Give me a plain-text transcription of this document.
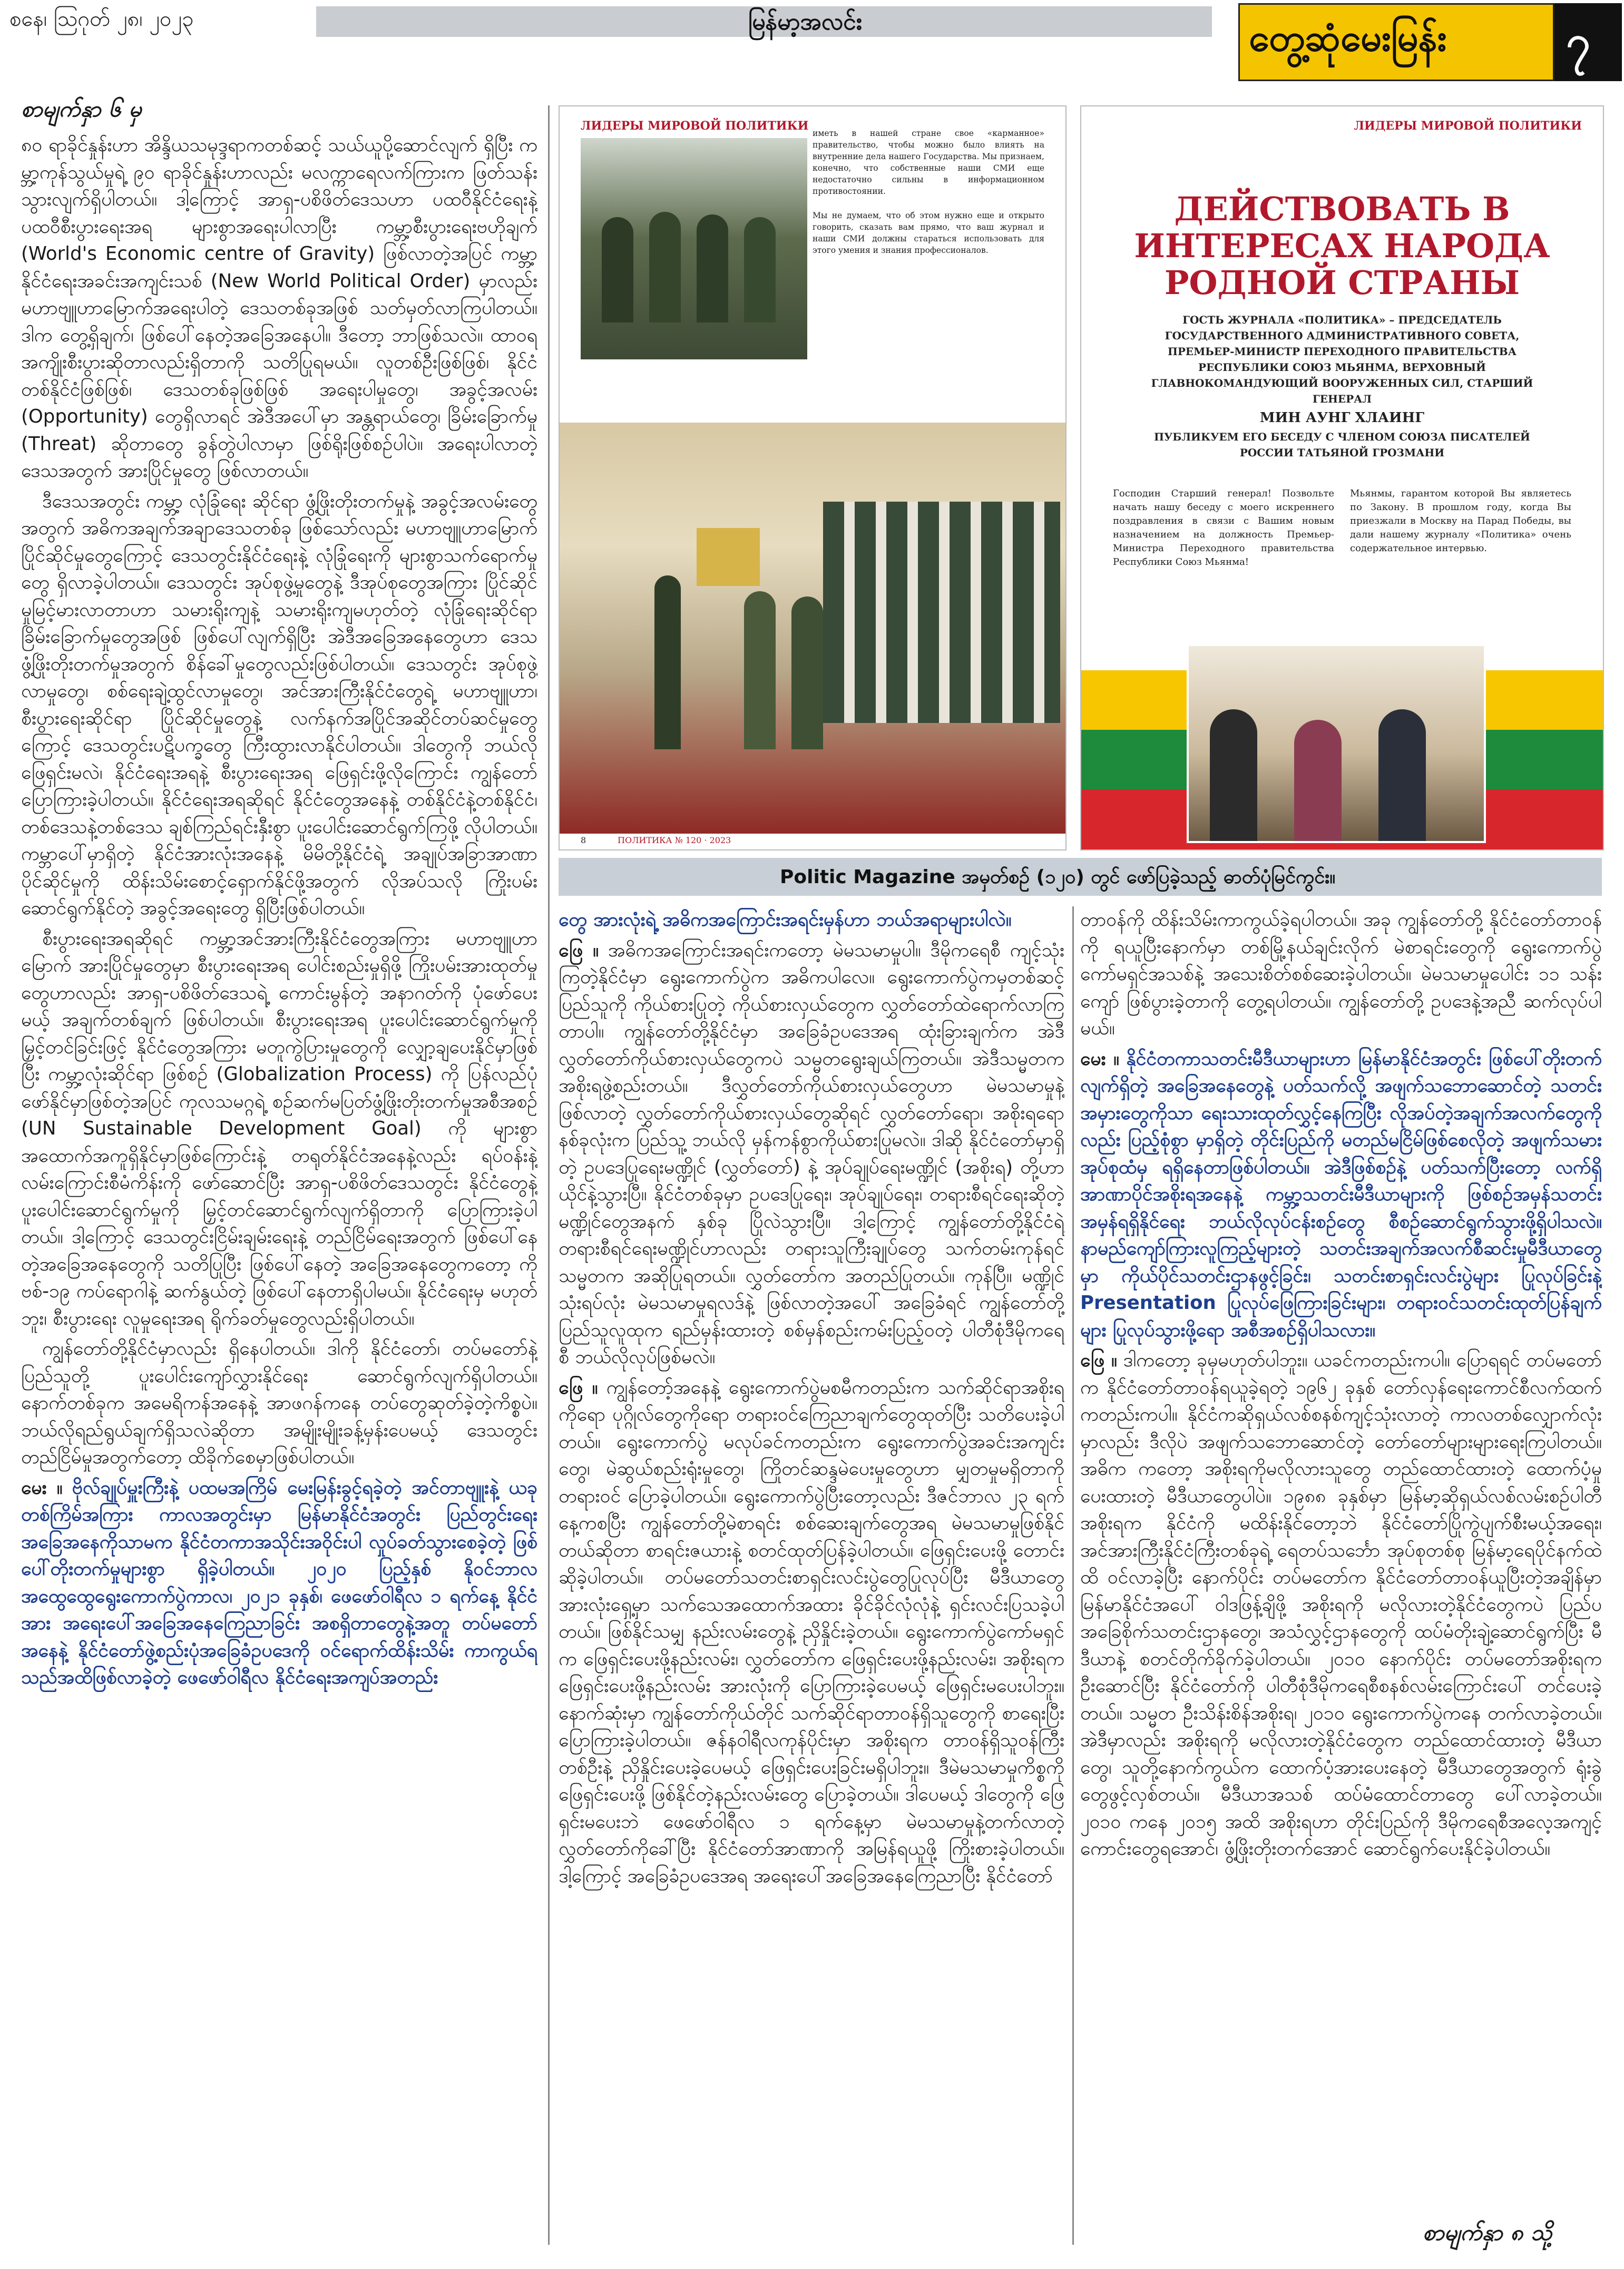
စနေ၊ ဩဂုတ် ၂၈၊ ၂၀၂၃	မြန်မာ့အလင်း	တွေ့ဆုံမေးမြန်း	၇
စာမျက်နှာ ၆ မှ

၈၀ ရာခိုင်နှုန်းဟာ အိန္ဒိယသမုဒ္ဒရာကတစ်ဆင့် သယ်ယူပို့ဆောင်လျက် ရှိပြီး ကမ္ဘာ့ကုန်သွယ်မှုရဲ့ ၉၀ ရာခိုင်နှုန်းဟာလည်း မလက္ကာရေလက်ကြားက ဖြတ်သန်းသွားလျက်ရှိပါတယ်။ ဒါ့ကြောင့် အာရှ-ပစိဖိတ်ဒေသဟာ ပထဝီနိုင်ငံရေးနဲ့ ပထဝီစီးပွားရေးအရ များစွာအရေးပါလာပြီး ကမ္ဘာ့စီးပွားရေးဗဟိုချက် (World's Economic centre of Gravity) ဖြစ်လာတဲ့အပြင် ကမ္ဘာ့နိုင်ငံရေးအခင်းအကျင်းသစ် (New World Political Order) မှာလည်း မဟာဗျူဟာမြောက်အရေးပါတဲ့ ဒေသတစ်ခုအဖြစ် သတ်မှတ်လာကြပါတယ်။ ဒါက တွေ့ရှိချက်၊ ဖြစ်ပေါ်နေတဲ့အခြေအနေပါ။ ဒီတော့ ဘာဖြစ်သလဲ။ ထာဝရအကျိုးစီးပွားဆိုတာလည်းရှိတာကို သတိပြုရမယ်။ လူတစ်ဦးဖြစ်ဖြစ်၊ နိုင်ငံတစ်နိုင်ငံဖြစ်ဖြစ်၊ ဒေသတစ်ခုဖြစ်ဖြစ် အရေးပါမှုတွေ၊ အခွင့်အလမ်း (Opportunity) တွေရှိလာရင် အဲဒီအပေါ်မှာ အန္တရာယ်တွေ၊ ခြိမ်းခြောက်မှု (Threat) ဆိုတာတွေ ခွန်တွဲပါလာမှာ ဖြစ်ရိုးဖြစ်စဉ်ပါပဲ။ အရေးပါလာတဲ့ဒေသအတွက် အားပြိုင်မှုတွေ ဖြစ်လာတယ်။

ဒီဒေသအတွင်း ကမ္ဘာ့ လုံခြုံရေး ဆိုင်ရာ ဖွံ့ဖြိုးတိုးတက်မှုနဲ့ အခွင့်အလမ်းတွေအတွက် အဓိကအချက်အချာဒေသတစ်ခု ဖြစ်သော်လည်း မဟာဗျူဟာမြောက် ပြိုင်ဆိုင်မှုတွေကြောင့် ဒေသတွင်းနိုင်ငံရေးနဲ့ လုံခြုံရေးကို များစွာသက်ရောက်မှုတွေ ရှိလာခဲ့ပါတယ်။ ဒေသတွင်း အုပ်စုဖွဲ့မှုတွေနဲ့ ဒီအုပ်စုတွေအကြား ပြိုင်ဆိုင်မှုမြင့်မားလာတာဟာ သမားရိုးကျနဲ့ သမားရိုးကျမဟုတ်တဲ့ လုံခြုံရေးဆိုင်ရာ ခြိမ်းခြောက်မှုတွေအဖြစ် ဖြစ်ပေါ်လျက်ရှိပြီး အဲဒီအခြေအနေတွေဟာ ဒေသဖွံ့ဖြိုးတိုးတက်မှုအတွက် စိန်ခေါ်မှုတွေလည်းဖြစ်ပါတယ်။ ဒေသတွင်း အုပ်စုဖွဲ့လာမှုတွေ၊ စစ်ရေးချဲ့ထွင်လာမှုတွေ၊ အင်အားကြီးနိုင်ငံတွေရဲ့ မဟာဗျူဟာ၊ စီးပွားရေးဆိုင်ရာ ပြိုင်ဆိုင်မှုတွေနဲ့ လက်နက်အပြိုင်အဆိုင်တပ်ဆင်မှုတွေကြောင့် ဒေသတွင်းပဋိပက္ခတွေ ကြီးထွားလာနိုင်ပါတယ်။ ဒါတွေကို ဘယ်လိုဖြေရှင်းမလဲ၊ နိုင်ငံရေးအရနဲ့ စီးပွားရေးအရ ဖြေရှင်းဖို့လိုကြောင်း ကျွန်တော်ပြောကြားခဲ့ပါတယ်။ နိုင်ငံရေးအရဆိုရင် နိုင်ငံတွေအနေနဲ့ တစ်နိုင်ငံနဲ့တစ်နိုင်ငံ၊ တစ်ဒေသနဲ့တစ်ဒေသ ချစ်ကြည်ရင်းနှီးစွာ ပူးပေါင်းဆောင်ရွက်ကြဖို့ လိုပါတယ်။ ကမ္ဘာပေါ်မှာရှိတဲ့ နိုင်ငံအားလုံးအနေနဲ့ မိမိတို့နိုင်ငံရဲ့ အချုပ်အခြာအာဏာပိုင်ဆိုင်မှုကို ထိန်းသိမ်းစောင့်ရှောက်နိုင်ဖို့အတွက် လိုအပ်သလို ကြိုးပမ်းဆောင်ရွက်နိုင်တဲ့ အခွင့်အရေးတွေ ရှိပြီးဖြစ်ပါတယ်။

စီးပွားရေးအရဆိုရင် ကမ္ဘာ့အင်အားကြီးနိုင်ငံတွေအကြား မဟာဗျူဟာမြောက် အားပြိုင်မှုတွေမှာ စီးပွားရေးအရ ပေါင်းစည်းမှုရှိဖို့ ကြိုးပမ်းအားထုတ်မှုတွေဟာလည်း အာရှ-ပစိဖိတ်ဒေသရဲ့ ကောင်းမွန်တဲ့ အနာဂတ်ကို ပုံဖော်ပေးမယ့် အချက်တစ်ချက် ဖြစ်ပါတယ်။ စီးပွားရေးအရ ပူးပေါင်းဆောင်ရွက်မှုကို မြှင့်တင်ခြင်းဖြင့် နိုင်ငံတွေအကြား မတူကွဲပြားမှုတွေကို လျှော့ချပေးနိုင်မှာဖြစ်ပြီး ကမ္ဘာ့လုံးဆိုင်ရာ ဖြစ်စဉ် (Globalization Process) ကို ပြန်လည်ပုံဖော်နိုင်မှာဖြစ်တဲ့အပြင် ကုလသမဂ္ဂရဲ့ စဉ်ဆက်မပြတ်ဖွံ့ဖြိုးတိုးတက်မှုအစီအစဉ် (UN Sustainable Development Goal) ကို များစွာ အထောက်အကူရှိနိုင်မှာဖြစ်ကြောင်းနဲ့ တရုတ်နိုင်ငံအနေနဲ့လည်း ရပ်ဝန်းနဲ့ လမ်းကြောင်းစီမံကိန်းကို ဖော်ဆောင်ပြီး အာရှ-ပစိဖိတ်ဒေသတွင်း နိုင်ငံတွေနဲ့ ပူးပေါင်းဆောင်ရွက်မှုကို မြှင့်တင်ဆောင်ရွက်လျက်ရှိတာကို ပြောကြားခဲ့ပါတယ်။ ဒါ့ကြောင့် ဒေသတွင်းငြိမ်းချမ်းရေးနဲ့ တည်ငြိမ်ရေးအတွက် ဖြစ်ပေါ်နေတဲ့အခြေအနေတွေကို သတိပြုပြီး ဖြစ်ပေါ်နေတဲ့ အခြေအနေတွေကတော့ ကိုဗစ်-၁၉ ကပ်ရောဂါနဲ့ ဆက်နွယ်တဲ့ ဖြစ်ပေါ်နေတာရှိပါမယ်။ နိုင်ငံရေးမှ မဟုတ်ဘူး၊ စီးပွားရေး လူမှုရေးအရ ရိုက်ခတ်မှုတွေလည်းရှိပါတယ်။

ကျွန်တော်တို့နိုင်ငံမှာလည်း ရှိနေပါတယ်။ ဒါကို နိုင်ငံတော်၊ တပ်မတော်နဲ့ ပြည်သူတို့ ပူးပေါင်းကျော်လွှားနိုင်ရေး ဆောင်ရွက်လျက်ရှိပါတယ်။ နောက်တစ်ခုက အမေရိကန်အနေနဲ့ အာဖဂန်ကနေ တပ်တွေဆုတ်ခဲ့တဲ့ကိစ္စပဲ။ ဘယ်လိုရည်ရွယ်ချက်ရှိသလဲဆိုတာ အမျိုးမျိုးခန့်မှန်းပေမယ့် ဒေသတွင်းတည်ငြိမ်မှုအတွက်တော့ ထိခိုက်စေမှာဖြစ်ပါတယ်။

မေး ။ ဗိုလ်ချုပ်မှူးကြီးနဲ့ ပထမအကြိမ် မေးမြန်းခွင့်ရခဲ့တဲ့ အင်တာဗျူးနဲ့ ယခုတစ်ကြိမ်အကြား ကာလအတွင်းမှာ မြန်မာနိုင်ငံအတွင်း ပြည်တွင်းရေးအခြေအနေကိုသာမက နိုင်ငံတကာအသိုင်းအဝိုင်းပါ လှုပ်ခတ်သွားစေခဲ့တဲ့ ဖြစ်ပေါ်တိုးတက်မှုများစွာ ရှိခဲ့ပါတယ်။ ၂၀၂၀ ပြည့်နှစ် နိုဝင်ဘာလ အထွေထွေရွေးကောက်ပွဲကာလ၊ ၂၀၂၁ ခုနှစ်၊ ဖေဖော်ဝါရီလ ၁ ရက်နေ့ နိုင်ငံအား အရေးပေါ်အခြေအနေကြေညာခြင်း အစရှိတာတွေနဲ့အတူ တပ်မတော်အနေနဲ့ နိုင်ငံတော်ဖွဲ့စည်းပုံအခြေခံဥပဒေကို ဝင်ရောက်ထိန်းသိမ်း ကာကွယ်ရသည်အထိဖြစ်လာခဲ့တဲ့ ဖေဖော်ဝါရီလ နိုင်ငံရေးအကျပ်အတည်း

ЛИДЕРЫ МИРОВОЙ ПОЛИТИКИ
иметь в нашей стране свое «карманное» правительство, чтобы можно было влиять на внутренние дела нашего Государства. Мы признаем, конечно, что собственные наши СМИ еще недостаточно сильны в информационном противостоянии.
Мы не думаем, что об этом нужно еще и открыто говорить, сказать вам прямо, что ваш журнал и наши СМИ должны стараться использовать для этого умения и знания профессионалов.
8	ПОЛИТИКА № 120 · 2023
ЛИДЕРЫ МИРОВОЙ ПОЛИТИКИ
ДЕЙСТВОВАТЬ В ИНТЕРЕСАХ НАРОДА
РОДНОЙ СТРАНЫ
ГОСТЬ ЖУРНАЛА «ПОЛИТИКА» – ПРЕДСЕДАТЕЛЬ ГОСУДАРСТВЕННОГО АДМИНИСТРАТИВНОГО СОВЕТА, ПРЕМЬЕР-МИНИСТР ПЕРЕХОДНОГО ПРАВИТЕЛЬСТВА РЕСПУБЛИКИ СОЮЗ МЬЯНМА, ВЕРХОВНЫЙ ГЛАВНОКОМАНДУЮЩИЙ ВООРУЖЕННЫХ СИЛ, СТАРШИЙ ГЕНЕРАЛ
МИН АУНГ ХЛАИНГ
ПУБЛИКУЕМ ЕГО БЕСЕДУ С ЧЛЕНОМ СОЮЗА ПИСАТЕЛЕЙ РОССИИ ТАТЬЯНОЙ ГРОЗМАНИ
Господин Старший генерал! Позвольте начать нашу беседу с моего искреннего поздравления в связи с Вашим новым назначением на должность Премьер-Министра Переходного правительства Республики Союз Мьянма!
Мьянмы, гарантом которой Вы являетесь по Закону. В прошлом году, когда Вы приезжали в Москву на Парад Победы, вы дали нашему журналу «Политика» очень содержательное интервью.
Politic Magazine အမှတ်စဉ် (၁၂၀) တွင် ဖော်ပြခဲ့သည့် ဓာတ်ပုံမြင်ကွင်း။

တွေ အားလုံးရဲ့ အဓိကအကြောင်းအရင်းမှန်ဟာ ဘယ်အရာများပါလဲ။

ဖြေ ။ အဓိကအကြောင်းအရင်းကတော့ မဲမသမာမှုပါ။ ဒီမိုကရေစီ ကျင့်သုံးကြတဲ့နိုင်ငံမှာ ရွေးကောက်ပွဲက အဓိကပါလေ။ ရွေးကောက်ပွဲကမှတစ်ဆင့် ပြည်သူကို ကိုယ်စားပြုတဲ့ ကိုယ်စားလှယ်တွေက လွှတ်တော်ထဲရောက်လာကြတာပါ။ ကျွန်တော်တို့နိုင်ငံမှာ အခြေခံဥပဒေအရ ထုံးခြားချက်က အဲဒီလွှတ်တော်ကိုယ်စားလှယ်တွေကပဲ သမ္မတရွေးချယ်ကြတယ်။ အဲဒီသမ္မတက အစိုးရဖွဲ့စည်းတယ်။ ဒီလွှတ်တော်ကိုယ်စားလှယ်တွေဟာ မဲမသမာမှုနဲ့ ဖြစ်လာတဲ့ လွှတ်တော်ကိုယ်စားလှယ်တွေဆိုရင် လွှတ်တော်ရော၊ အစိုးရရော နစ်ခုလုံးက ပြည်သူ့ ဘယ်လို မှန်ကန်စွာကိုယ်စားပြုမလဲ။ ဒါဆို နိုင်ငံတော်မှာရှိတဲ့ ဥပဒေပြုရေးမဏ္ဍိုင် (လွှတ်တော်) နဲ့ အုပ်ချုပ်ရေးမဏ္ဍိုင် (အစိုးရ) တို့ဟာ ယိုင်နဲ့သွားပြီ။ နိုင်ငံတစ်ခုမှာ ဥပဒေပြုရေး၊ အုပ်ချုပ်ရေး၊ တရားစီရင်ရေးဆိုတဲ့ မဏ္ဍိုင်တွေအနက် နှစ်ခု ပြိုလဲသွားပြီ။ ဒါ့ကြောင့် ကျွန်တော်တို့နိုင်ငံရဲ့ တရားစီရင်ရေးမဏ္ဍိုင်ဟာလည်း တရားသူကြီးချုပ်တွေ သက်တမ်းကုန်ရင် သမ္မတက အဆိုပြုရတယ်။ လွှတ်တော်က အတည်ပြုတယ်။ ကုန်ပြီ။ မဏ္ဍိုင်သုံးရပ်လုံး မဲမသမာမှုရလဒ်နဲ့ ဖြစ်လာတဲ့အပေါ် အခြေခံရင် ကျွန်တော်တို့ ပြည်သူလူထုက ရည်မှန်းထားတဲ့ စစ်မှန်စည်းကမ်းပြည့်ဝတဲ့ ပါတီစုံဒီမိုကရေစီ ဘယ်လိုလုပ်ဖြစ်မလဲ။

ဖြေ ။ ကျွန်တော့်အနေနဲ့ ရွေးကောက်ပွဲမစမီကတည်းက သက်ဆိုင်ရာအစိုးရကိုရော ပုဂ္ဂိုလ်တွေကိုရော တရားဝင်ကြေညာချက်တွေထုတ်ပြီး သတိပေးခဲ့ပါတယ်။ ရွေးကောက်ပွဲ မလုပ်ခင်ကတည်းက ရွေးကောက်ပွဲအခင်းအကျင်းတွေ၊ မဲဆွယ်စည်းရုံးမှုတွေ၊ ကြိုတင်ဆန္ဒမဲပေးမှုတွေဟာ မျှတမှုမရှိတာကို တရားဝင် ပြောခဲ့ပါတယ်။ ရွေးကောက်ပွဲပြီးတော့လည်း ဒီဇင်ဘာလ ၂၃ ရက်နေ့ကစပြီး ကျွန်တော်တို့မဲစာရင်း စစ်ဆေးချက်တွေအရ မဲမသမာမှုဖြစ်နိုင်တယ်ဆိုတာ စာရင်းဇယားနဲ့ စတင်ထုတ်ပြန်ခဲ့ပါတယ်။ ဖြေရှင်းပေးဖို့ တောင်းဆိုခဲ့ပါတယ်။ တပ်မတော်သတင်းစာရှင်းလင်းပွဲတွေပြုလုပ်ပြီး မီဒီယာတွေအားလုံးရှေ့မှာ သက်သေအထောက်အထား ခိုင်ခိုင်လုံလုံနဲ့ ရှင်းလင်းပြသခဲ့ပါတယ်။ ဖြစ်နိုင်သမျှ နည်းလမ်းတွေနဲ့ ညှိနှိုင်းခဲ့တယ်။ ရွေးကောက်ပွဲကော်မရှင်က ဖြေရှင်းပေးဖို့နည်းလမ်း၊ လွှတ်တော်က ဖြေရှင်းပေးဖို့နည်းလမ်း၊ အစိုးရက ဖြေရှင်းပေးဖို့နည်းလမ်း အားလုံးကို ပြောကြားခဲ့ပေမယ့် ဖြေရှင်းမပေးပါဘူး။ နောက်ဆုံးမှာ ကျွန်တော်ကိုယ်တိုင် သက်ဆိုင်ရာတာဝန်ရှိသူတွေကို စာရေးပြီး ပြောကြားခဲ့ပါတယ်။ ဇန်နဝါရီလကုန်ပိုင်းမှာ အစိုးရက တာဝန်ရှိသူဝန်ကြီး တစ်ဦးနဲ့ ညှိနှိုင်းပေးခဲ့ပေမယ့် ဖြေရှင်းပေးခြင်းမရှိပါဘူး။ ဒီမဲမသမာမှုကိစ္စကို ဖြေရှင်းပေးဖို့ ဖြစ်နိုင်တဲ့နည်းလမ်းတွေ ပြောခဲ့တယ်။ ဒါပေမယ့် ဒါတွေကို ဖြေရှင်းမပေးဘဲ ဖေဖော်ဝါရီလ ၁ ရက်နေ့မှာ မဲမသမာမှုနဲ့တက်လာတဲ့ လွှတ်တော်ကိုခေါ်ပြီး နိုင်ငံတော်အာဏာကို အမြန်ရယူဖို့ ကြိုးစားခဲ့ပါတယ်။ ဒါ့ကြောင့် အခြေခံဥပဒေအရ အရေးပေါ်အခြေအနေကြေညာပြီး နိုင်ငံတော်

တာဝန်ကို ထိန်းသိမ်းကာကွယ်ခဲ့ရပါတယ်။ အခု ကျွန်တော်တို့ နိုင်ငံတော်တာဝန်ကို ရယူပြီးနောက်မှာ တစ်မြို့နယ်ချင်းလိုက် မဲစာရင်းတွေကို ရွေးကောက်ပွဲကော်မရှင်အသစ်နဲ့ အသေးစိတ်စစ်ဆေးခဲ့ပါတယ်။ မဲမသမာမှုပေါင်း ၁၁ သန်းကျော် ဖြစ်ပွားခဲ့တာကို တွေ့ရပါတယ်။ ကျွန်တော်တို့ ဥပဒေနဲ့အညီ ဆက်လုပ်ပါမယ်။

မေး ။ နိုင်ငံတကာသတင်းမီဒီယာများဟာ မြန်မာနိုင်ငံအတွင်း ဖြစ်ပေါ်တိုးတက်လျက်ရှိတဲ့ အခြေအနေတွေနဲ့ ပတ်သက်လို့ အဖျက်သဘောဆောင်တဲ့ သတင်းအမှားတွေကိုသာ ရေးသားထုတ်လွှင့်နေကြပြီး လိုအပ်တဲ့အချက်အလက်တွေကိုလည်း ပြည့်စုံစွာ မှာရှိတဲ့ တိုင်းပြည်ကို မတည်မငြိမ်ဖြစ်စေလိုတဲ့ အဖျက်သမားအုပ်စုထံမှ ရရှိနေတာဖြစ်ပါတယ်။ အဲဒီဖြစ်စဉ်နဲ့ ပတ်သက်ပြီးတော့ လက်ရှိအာဏာပိုင်အစိုးရအနေနဲ့ ကမ္ဘာ့သတင်းမီဒီယာများကို ဖြစ်စဉ်အမှန်သတင်းအမှန်ရရှိနိုင်ရေး ဘယ်လိုလုပ်ငန်းစဉ်တွေ စီစဉ်ဆောင်ရွက်သွားဖို့ရှိပါသလဲ။ နာမည်ကျော်ကြားလူကြည့်များတဲ့ သတင်းအချက်အလက်စီဆင်းမှုမီဒီယာတွေမှာ ကိုယ်ပိုင်သတင်းဌာနဖွင့်ခြင်း၊ သတင်းစာရှင်းလင်းပွဲများ ပြုလုပ်ခြင်းနဲ့ Presentation ပြုလုပ်ဖြေကြားခြင်းများ၊ တရားဝင်သတင်းထုတ်ပြန်ချက်များ ပြုလုပ်သွားဖို့ရော အစီအစဉ်ရှိပါသလား။

ဖြေ ။ ဒါကတော့ ခုမှမဟုတ်ပါဘူး။ ယခင်ကတည်းကပါ။ ပြောရရင် တပ်မတော်က နိုင်ငံတော်တာဝန်ရယူခဲ့ရတဲ့ ၁၉၆၂ ခုနှစ် တော်လှန်ရေးကောင်စီလက်ထက်ကတည်းကပါ။ နိုင်ငံကဆိုရှယ်လစ်စနစ်ကျင့်သုံးလာတဲ့ ကာလတစ်လျှောက်လုံးမှာလည်း ဒီလိုပဲ အဖျက်သဘောဆောင်တဲ့ တော်တော်များများရေးကြပါတယ်။ အဓိက ကတော့ အစိုးရကိုမလိုလားသူတွေ တည်ထောင်ထားတဲ့ ထောက်ပံ့မှုပေးထားတဲ့ မီဒီယာတွေပါပဲ။ ၁၉၈၈ ခုနှစ်မှာ မြန်မာ့ဆိုရှယ်လစ်လမ်းစဉ်ပါတီအစိုးရက နိုင်ငံကို မထိန်းနိုင်တော့ဘဲ နိုင်ငံတော်ပြိုကွဲပျက်စီးမယ့်အရေး၊ အင်အားကြီးနိုင်ငံကြီးတစ်ခုရဲ့ ရေတပ်သင်္ဘော အုပ်စုတစ်စု မြန်မာ့ရေပိုင်နက်ထဲထိ ဝင်လာခဲ့ပြီး နောက်ပိုင်း တပ်မတော်က နိုင်ငံတော်တာဝန်ယူပြီးတဲ့အချိန်မှာ မြန်မာနိုင်ငံအပေါ် ဝါဒဖြန့်ချိဖို့ အစိုးရကို မလိုလားတဲ့နိုင်ငံတွေကပဲ ပြည်ပအခြေစိုက်သတင်းဌာနတွေ၊ အသံလွှင့်ဌာနတွေကို ထပ်မံတိုးချဲ့ဆောင်ရွက်ပြီး မီဒီယာနဲ့ စတင်တိုက်ခိုက်ခဲ့ပါတယ်။ ၂၀၁၀ နောက်ပိုင်း တပ်မတော်အစိုးရက ဦးဆောင်ပြီး နိုင်ငံတော်ကို ပါတီစုံဒီမိုကရေစီစနစ်လမ်းကြောင်းပေါ် တင်ပေးခဲ့တယ်။ သမ္မတ ဦးသိန်းစိန်အစိုးရ၊ ၂၀၁၀ ရွေးကောက်ပွဲကနေ တက်လာခဲ့တယ်။ အဲဒီမှာလည်း အစိုးရကို မလိုလားတဲ့နိုင်ငံတွေက တည်ထောင်ထားတဲ့ မီဒီယာတွေ၊ သူတို့နောက်ကွယ်က ထောက်ပံ့အားပေးနေတဲ့ မီဒီယာတွေအတွက် ရုံးခွဲတွေဖွင့်လှစ်တယ်။ မီဒီယာအသစ် ထပ်မံထောင်တာတွေ ပေါ်လာခဲ့တယ်။ ၂၀၁၀ ကနေ ၂၀၁၅ အထိ အစိုးရဟာ တိုင်းပြည်ကို ဒီမိုကရေစီအလေ့အကျင့်ကောင်းတွေရအောင်၊ ဖွံ့ဖြိုးတိုးတက်အောင် ဆောင်ရွက်ပေးနိုင်ခဲ့ပါတယ်။

စာမျက်နှာ ၈ သို့
